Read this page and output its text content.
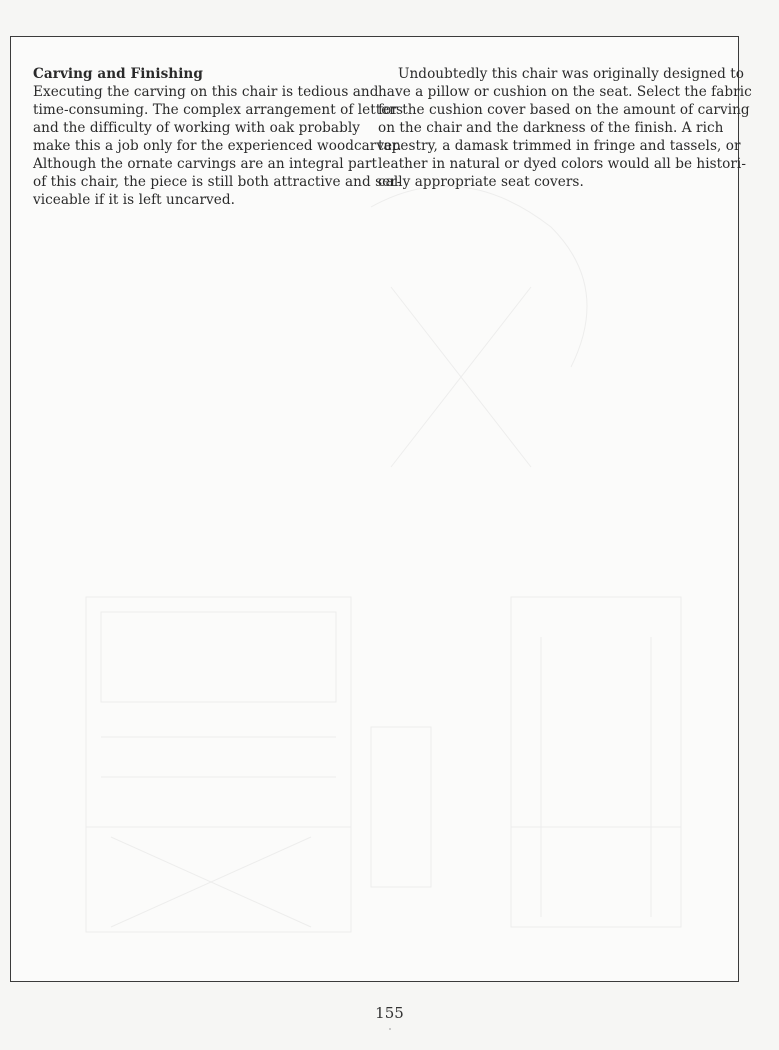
Carving and Finishing
Executing the carving on this chair is tedious and
time-consuming. The complex arrangement of letters
and the difficulty of working with oak probably
make this a job only for the experienced woodcarver.
Although the ornate carvings are an integral part
of this chair, the piece is still both attractive and ser-
viceable if it is left uncarved.
Undoubtedly this chair was originally designed to
have a pillow or cushion on the seat. Select the fabric
for the cushion cover based on the amount of carving
on the chair and the darkness of the finish. A rich
tapestry, a damask trimmed in fringe and tassels, or
leather in natural or dyed colors would all be histori-
cally appropriate seat covers.
155
